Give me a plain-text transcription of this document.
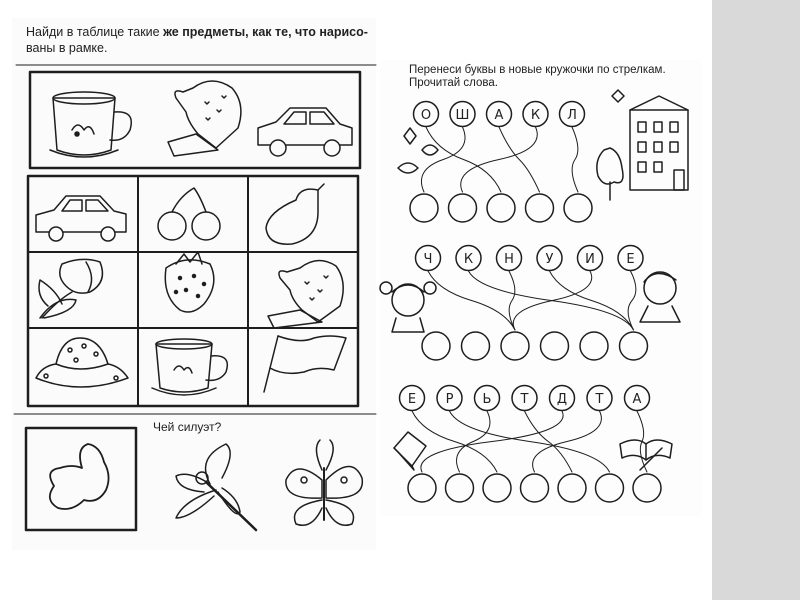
Найди в таблице такие же предметы, как те, что нарисо-
ваны в рамке.
Чей силуэт?
Перенеси буквы в новые кружочки по стрелкам.
Прочитай слова.
О Ш А К Л
Ч К Н У И Е
Е Р Ь Т Д Т А
